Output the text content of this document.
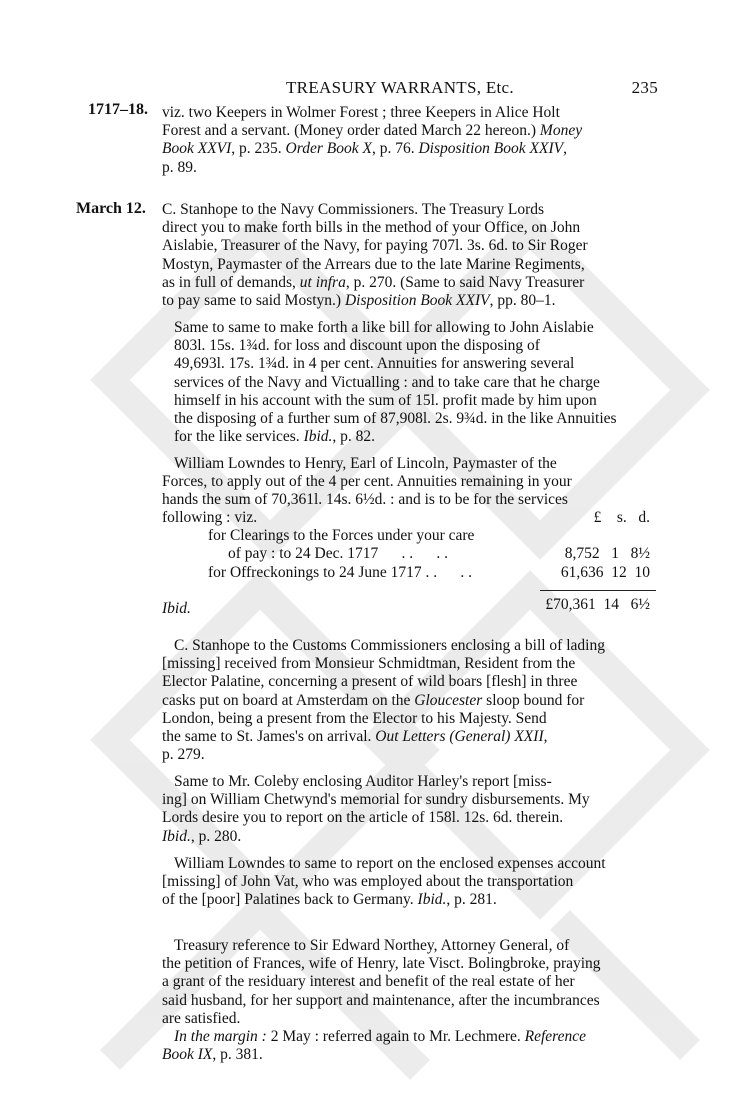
TREASURY WARRANTS, Etc.	235
1717–18.
March 12.

viz. two Keepers in Wolmer Forest ; three Keepers in Alice Holt

Forest and a servant. (Money order dated March 22 hereon.) Money

Book XXVI, p. 235. Order Book X, p. 76. Disposition Book XXIV,

p. 89.

C. Stanhope to the Navy Commissioners. The Treasury Lords

direct you to make forth bills in the method of your Office, on John

Aislabie, Treasurer of the Navy, for paying 707l. 3s. 6d. to Sir Roger

Mostyn, Paymaster of the Arrears due to the late Marine Regiments,

as in full of demands, ut infra, p. 270. (Same to said Navy Treasurer

to pay same to said Mostyn.) Disposition Book XXIV, pp. 80–1.

Same to same to make forth a like bill for allowing to John Aislabie

803l. 15s. 1¾d. for loss and discount upon the disposing of

49,693l. 17s. 1¾d. in 4 per cent. Annuities for answering several

services of the Navy and Victualling : and to take care that he charge

himself in his account with the sum of 15l. profit made by him upon

the disposing of a further sum of 87,908l. 2s. 9¾d. in the like Annuities

for the like services. Ibid., p. 82.

William Lowndes to Henry, Earl of Lincoln, Paymaster of the

Forces, to apply out of the 4 per cent. Annuities remaining in your

hands the sum of 70,361l. 14s. 6½d. : and is to be for the services

following : viz.	£    s.   d.
for Clearings to the Forces under your care
of pay : to 24 Dec. 1717      . .      . .	8,752   1   8½
for Offreckonings to 24 June 1717 . .      . .	61,636  12  10
£70,361  14   6½
Ibid.

C. Stanhope to the Customs Commissioners enclosing a bill of lading

[missing] received from Monsieur Schmidtman, Resident from the

Elector Palatine, concerning a present of wild boars [flesh] in three

casks put on board at Amsterdam on the Gloucester sloop bound for

London, being a present from the Elector to his Majesty. Send

the same to St. James's on arrival. Out Letters (General) XXII,

p. 279.

Same to Mr. Coleby enclosing Auditor Harley's report [miss-

ing] on William Chetwynd's memorial for sundry disbursements. My

Lords desire you to report on the article of 158l. 12s. 6d. therein.

Ibid., p. 280.

William Lowndes to same to report on the enclosed expenses account

[missing] of John Vat, who was employed about the transportation

of the [poor] Palatines back to Germany. Ibid., p. 281.

Treasury reference to Sir Edward Northey, Attorney General, of

the petition of Frances, wife of Henry, late Visct. Bolingbroke, praying

a grant of the residuary interest and benefit of the real estate of her

said husband, for her support and maintenance, after the incumbrances

are satisfied.

In the margin : 2 May : referred again to Mr. Lechmere. Reference

Book IX, p. 381.
